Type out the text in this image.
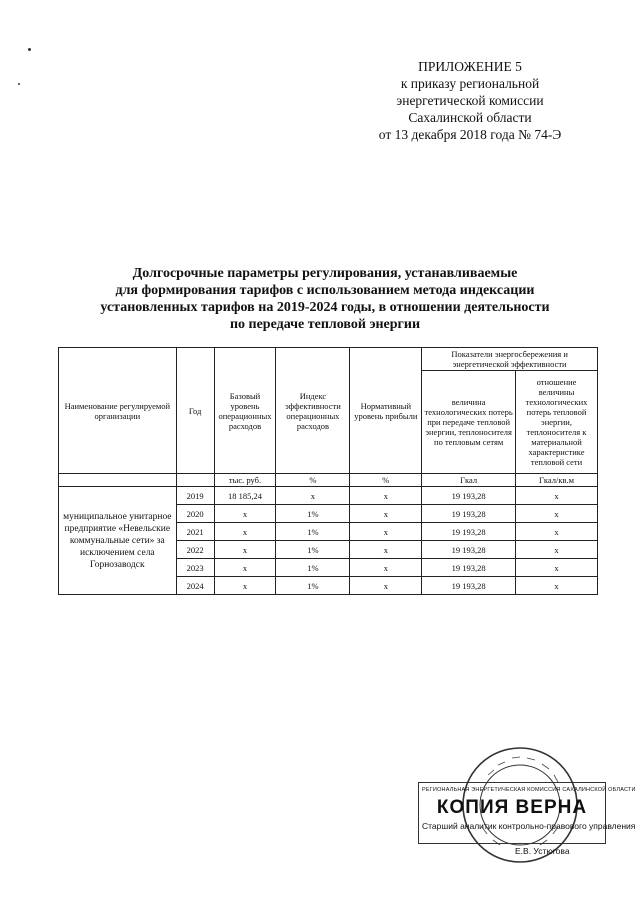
ПРИЛОЖЕНИЕ 5
к приказу региональной
энергетической комиссии
Сахалинской области
от 13 декабря 2018 года № 74-Э
Долгосрочные параметры регулирования, устанавливаемые
для формирования тарифов с использованием метода индексации
установленных тарифов на 2019-2024 годы, в отношении деятельности
по передаче тепловой энергии
Наименование регулируемой организации	Год	Базовый уровень операционных расходов	Индекс эффективности операционных расходов	Нормативный уровень прибыли	Показатели энергосбережения и энергетической эффективности	
					величина технологических потерь при передаче тепловой энергии, теплоносителя по тепловым сетям	отношение величины технологических потерь тепловой энергии, теплоносителя к материальной характеристике тепловой сети
		тыс. руб.	%	%	Гкал	Гкал/кв.м
муниципальное унитарное предприятие «Невельские коммунальные сети» за исключением села Горнозаводск	2019	18 185,24	x	x	19 193,28	x
	2020	x	1%	x	19 193,28	x
	2021	x	1%	x	19 193,28	x
	2022	x	1%	x	19 193,28	x
	2023	x	1%	x	19 193,28	x
	2024	x	1%	x	19 193,28	x
РЕГИОНАЛЬНАЯ ЭНЕРГЕТИЧЕСКАЯ КОМИССИЯ САХАЛИНСКОЙ ОБЛАСТИ
КОПИЯ ВЕРНА
Старший аналитик контрольно-правового управления
Е.В. Устюгова
